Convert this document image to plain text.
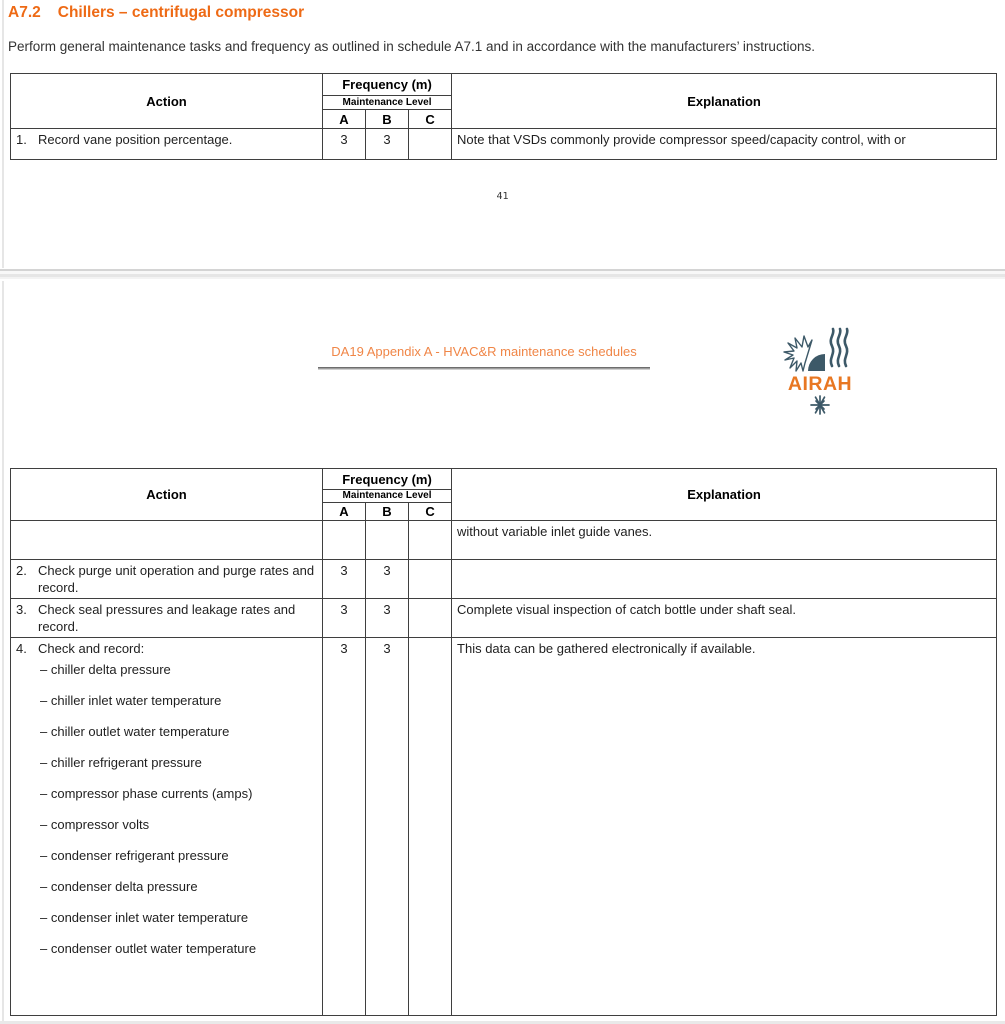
A7.2 Chillers – centrifugal compressor
Perform general maintenance tasks and frequency as outlined in schedule A7.1 and in accordance with the manufacturers’ instructions.
Action	Frequency (m)			Explanation
	Maintenance Level			
	A	B	C	

1. Record vane position percentage.	3	3		Note that VSDs commonly provide compressor speed/capacity control, with or
41
DA19 Appendix A - HVAC&R maintenance schedules
AIRAH
Action	Frequency (m)			Explanation
	Maintenance Level			
	A	B	C	
				without variable inlet guide vanes.

2. Check purge unit operation and purge rates and record.	3	3		

3. Check seal pressures and leakage rates and record.	3	3		Complete visual inspection of catch bottle under shaft seal.

4. Check and record:
– chiller delta pressure
– chiller inlet water temperature
– chiller outlet water temperature
– chiller refrigerant pressure
– compressor phase currents (amps)
– compressor volts
– condenser refrigerant pressure
– condenser delta pressure
– condenser inlet water temperature
– condenser outlet water temperature
	3	3		This data can be gathered electronically if available.
